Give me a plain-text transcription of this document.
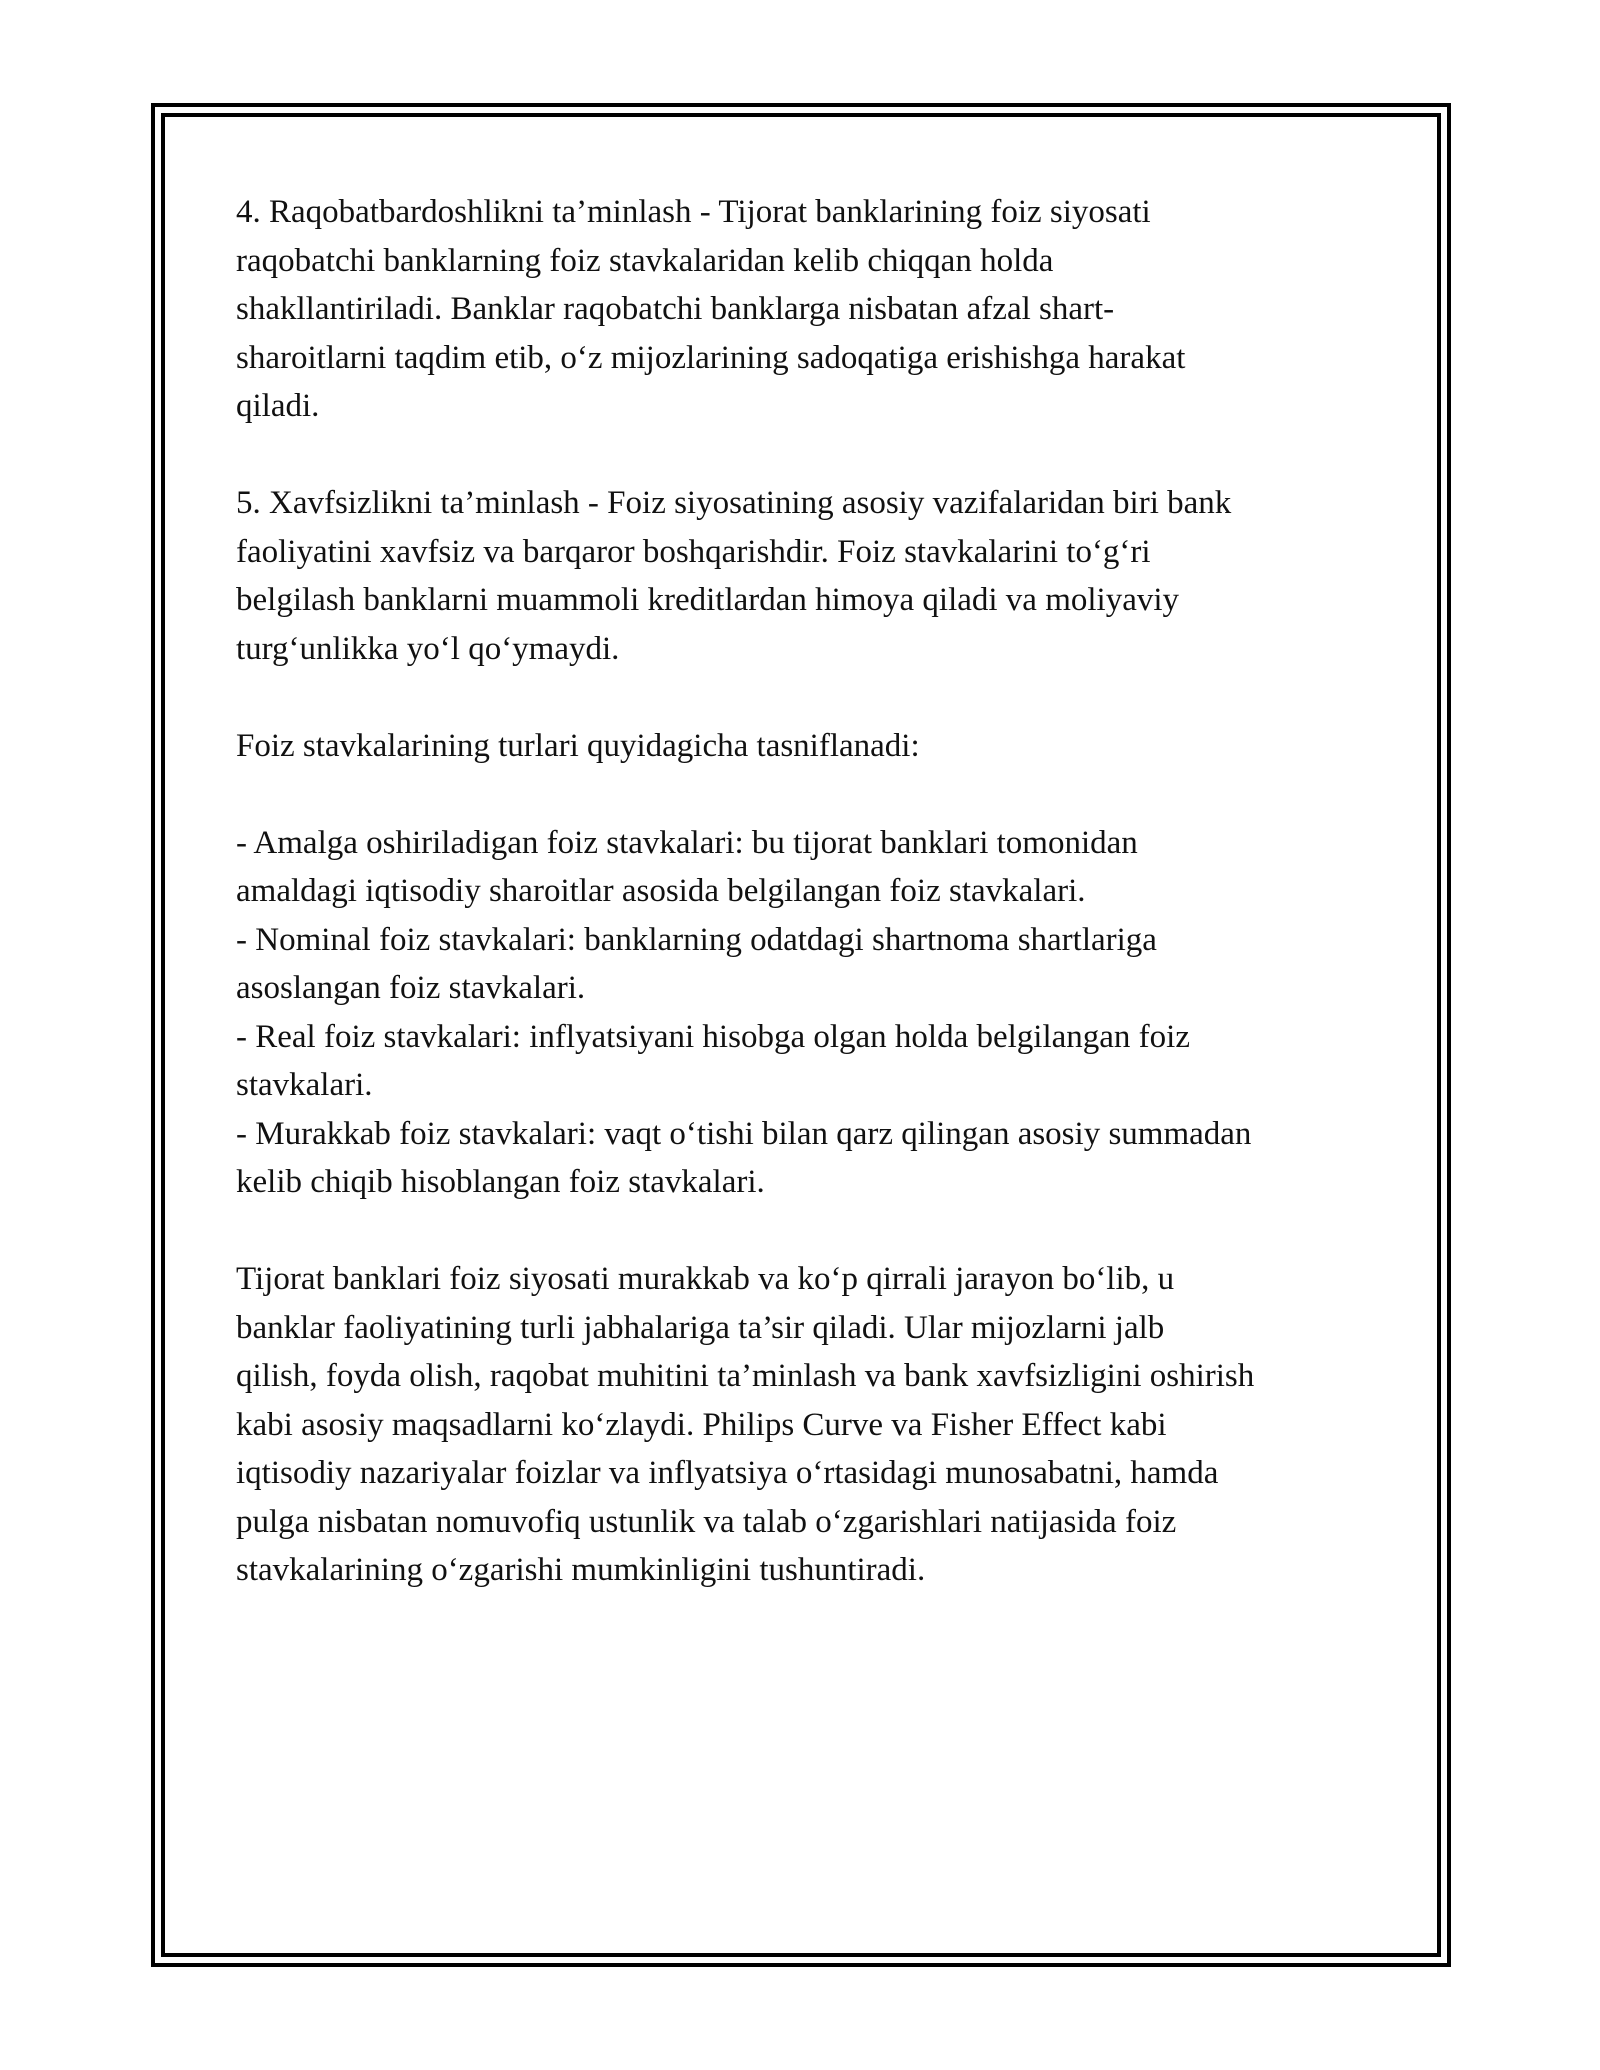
4. Raqobatbardoshlikni ta’minlash - Tijorat banklarining foiz siyosati
raqobatchi banklarning foiz stavkalaridan kelib chiqqan holda
shakllantiriladi. Banklar raqobatchi banklarga nisbatan afzal shart-
sharoitlarni taqdim etib, o‘z mijozlarining sadoqatiga erishishga harakat
qiladi.

5. Xavfsizlikni ta’minlash - Foiz siyosatining asosiy vazifalaridan biri bank
faoliyatini xavfsiz va barqaror boshqarishdir. Foiz stavkalarini to‘g‘ri
belgilash banklarni muammoli kreditlardan himoya qiladi va moliyaviy
turg‘unlikka yo‘l qo‘ymaydi.

Foiz stavkalarining turlari quyidagicha tasniflanadi:

- Amalga oshiriladigan foiz stavkalari: bu tijorat banklari tomonidan
amaldagi iqtisodiy sharoitlar asosida belgilangan foiz stavkalari.
- Nominal foiz stavkalari: banklarning odatdagi shartnoma shartlariga
asoslangan foiz stavkalari.
- Real foiz stavkalari: inflyatsiyani hisobga olgan holda belgilangan foiz
stavkalari.
- Murakkab foiz stavkalari: vaqt o‘tishi bilan qarz qilingan asosiy summadan
kelib chiqib hisoblangan foiz stavkalari.

Tijorat banklari foiz siyosati murakkab va ko‘p qirrali jarayon bo‘lib, u
banklar faoliyatining turli jabhalariga ta’sir qiladi. Ular mijozlarni jalb
qilish, foyda olish, raqobat muhitini ta’minlash va bank xavfsizligini oshirish
kabi asosiy maqsadlarni ko‘zlaydi. Philips Curve va Fisher Effect kabi
iqtisodiy nazariyalar foizlar va inflyatsiya o‘rtasidagi munosabatni, hamda
pulga nisbatan nomuvofiq ustunlik va talab o‘zgarishlari natijasida foiz
stavkalarining o‘zgarishi mumkinligini tushuntiradi.
